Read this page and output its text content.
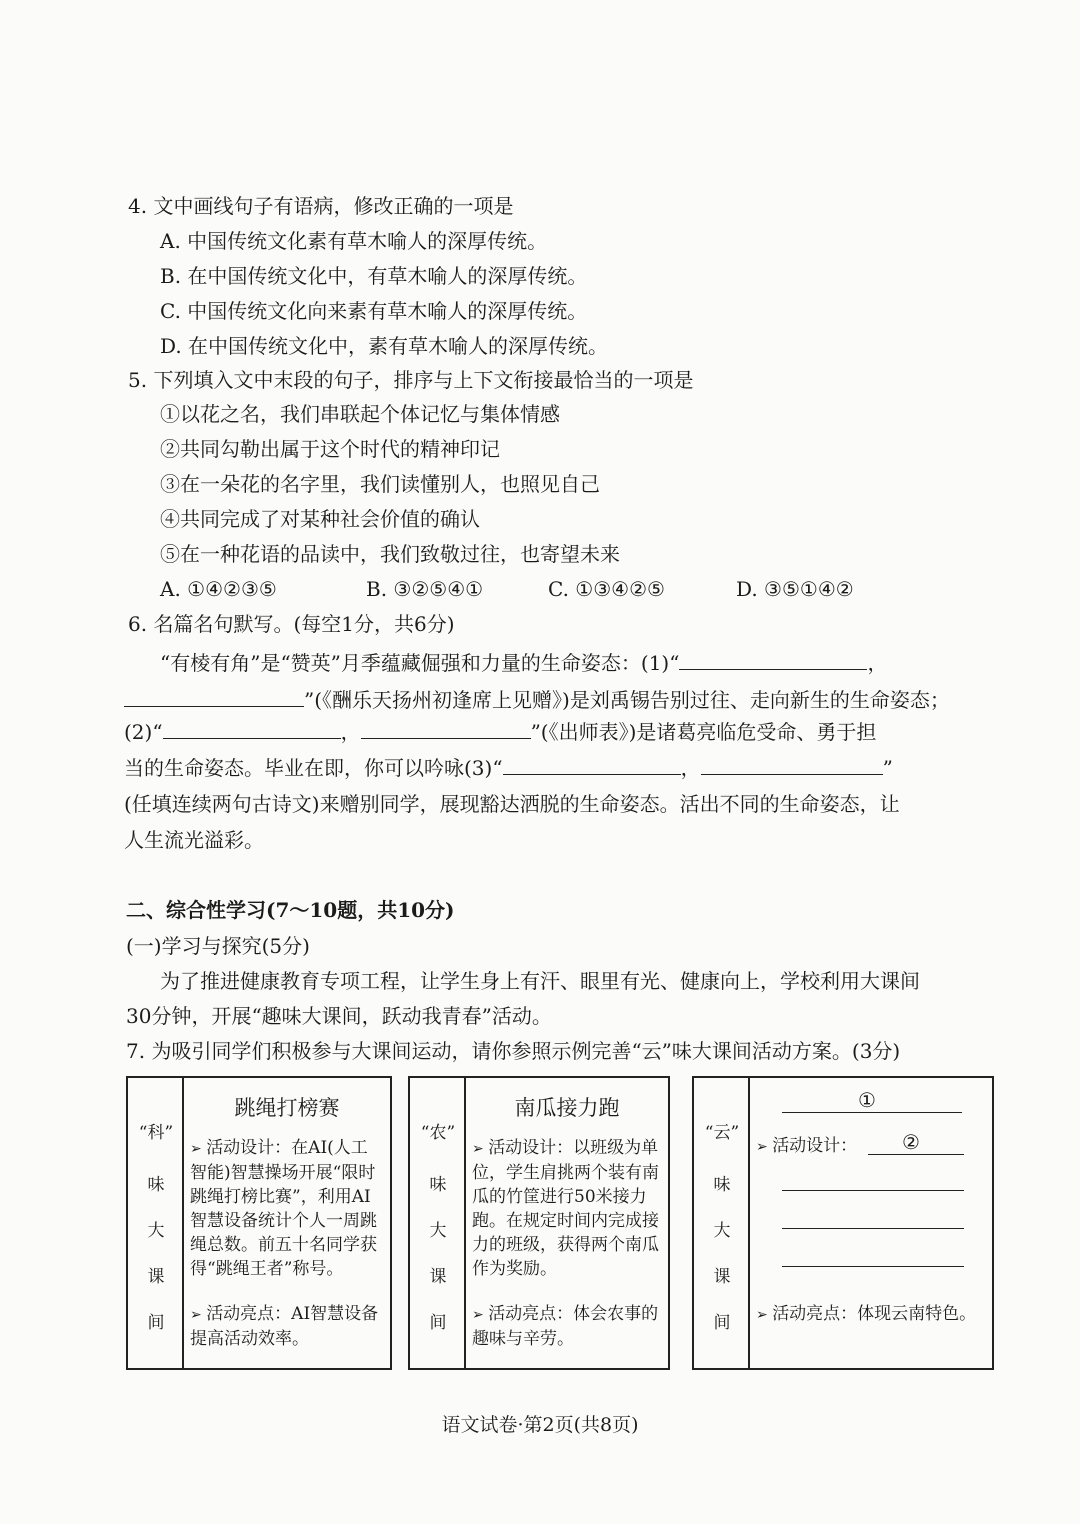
4. 文中画线句子有语病，修改正确的一项是
A. 中国传统文化素有草木喻人的深厚传统。
B. 在中国传统文化中，有草木喻人的深厚传统。
C. 中国传统文化向来素有草木喻人的深厚传统。
D. 在中国传统文化中，素有草木喻人的深厚传统。
5. 下列填入文中末段的句子，排序与上下文衔接最恰当的一项是
①以花之名，我们串联起个体记忆与集体情感
②共同勾勒出属于这个时代的精神印记
③在一朵花的名字里，我们读懂别人，也照见自己
④共同完成了对某种社会价值的确认
⑤在一种花语的品读中，我们致敬过往，也寄望未来
A. ①④②③⑤	B. ③②⑤④①	C. ①③④②⑤	D. ③⑤①④②
6. 名篇名句默写。(每空1分，共6分)
“有棱有角”是“赞英”月季蕴藏倔强和力量的生命姿态：(1)“	，
”(《酬乐天扬州初逢席上见赠》)是刘禹锡告别过往、走向新生的生命姿态；
(2)“	，	”(《出师表》)是诸葛亮临危受命、勇于担
当的生命姿态。毕业在即，你可以吟咏(3)“	，	”
(任填连续两句古诗文)来赠别同学，展现豁达洒脱的生命姿态。活出不同的生命姿态，让
人生流光溢彩。
二、综合性学习(7～10题，共10分)
(一)学习与探究(5分)
为了推进健康教育专项工程，让学生身上有汗、眼里有光、健康向上，学校利用大课间
30分钟，开展“趣味大课间，跃动我青春”活动。
7. 为吸引同学们积极参与大课间运动，请你参照示例完善“云”味大课间活动方案。(3分)
“科”
味
大
课
间
跳绳打榜赛
➢ 活动设计：在AI(人工智能)智慧操场开展“限时跳绳打榜比赛”，利用AI智慧设备统计个人一周跳绳总数。前五十名同学获得“跳绳王者”称号。
➢ 活动亮点：AI智慧设备提高活动效率。
“农”
味
大
课
间
南瓜接力跑
➢ 活动设计：以班级为单位，学生肩挑两个装有南瓜的竹筐进行50米接力跑。在规定时间内完成接力的班级，获得两个南瓜作为奖励。
➢ 活动亮点：体会农事的趣味与辛劳。
“云”
味
大
课
间
①
➢ 活动设计：	②
➢ 活动亮点：体现云南特色。
语文试卷·第2页(共8页)
